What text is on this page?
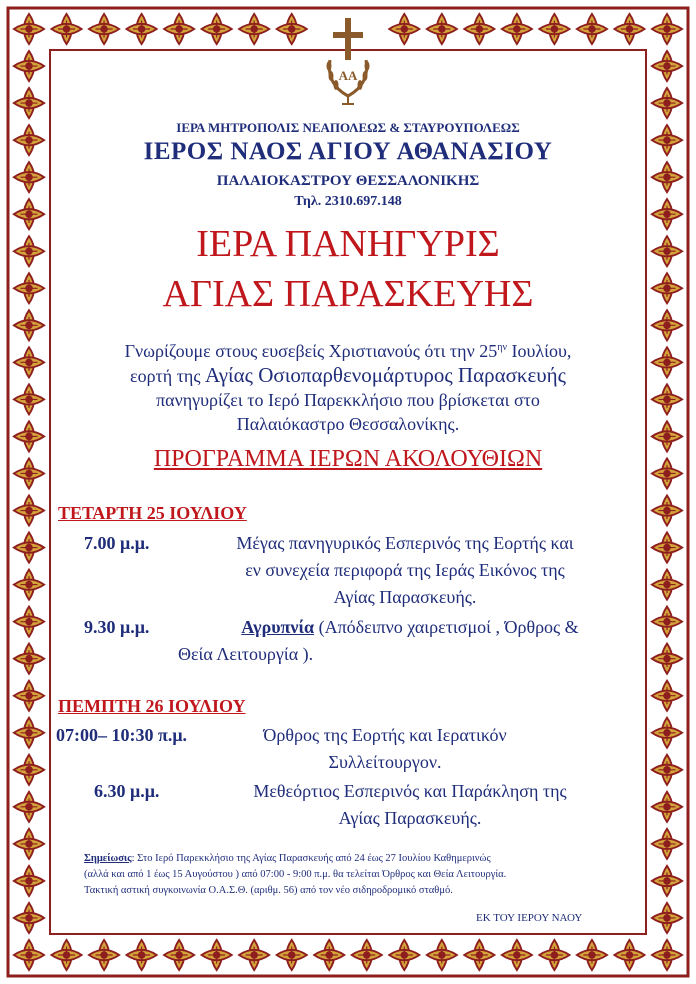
ΑΑ
ΙΕΡΑ ΜΗΤΡΟΠΟΛΙΣ ΝΕΑΠΟΛΕΩΣ & ΣΤΑΥΡΟΥΠΟΛΕΩΣ
ΙΕΡΟΣ ΝΑΟΣ ΑΓΙΟΥ ΑΘΑΝΑΣΙΟΥ
ΠΑΛΑΙΟΚΑΣΤΡΟΥ ΘΕΣΣΑΛΟΝΙΚΗΣ
Τηλ. 2310.697.148
ΙΕΡΑ ΠΑΝΗΓΥΡΙΣ
ΑΓΙΑΣ ΠΑΡΑΣΚΕΥΗΣ
Γνωρίζουμε στους ευσεβείς Χριστιανούς ότι την $25^{\eta\nu}$ Ιουλίου,
εορτή της Αγίας Οσιοπαρθενομάρτυρος Παρασκευής
πανηγυρίζει το Ιερό Παρεκκλήσιο που βρίσκεται στο
Παλαιόκαστρο Θεσσαλονίκης.
ΠΡΟΓΡΑΜΜΑ ΙΕΡΩΝ ΑΚΟΛΟΥΘΙΩΝ
ΤΕΤΑΡΤΗ 25 ΙΟΥΛΙΟΥ
7.00 μ.μ.	Μέγας πανηγυρικός Εσπερινός της Εορτής και
εν συνεχεία περιφορά της Ιεράς Εικόνος της
Αγίας Παρασκευής.
9.30 μ.μ.	Αγρυπνία (Απόδειπνο χαιρετισμοί , Όρθρος &
Θεία Λειτουργία ).
ΠΕΜΠΤΗ 26 ΙΟΥΛΙΟΥ
07:00– 10:30 π.μ.	Όρθρος της Εορτής και Ιερατικόν
Συλλείτουργον.
6.30 μ.μ.	Μεθεόρτιος Εσπερινός και Παράκληση της
Αγίας Παρασκευής.
Σημείωσις: Στο Ιερό Παρεκκλήσιο της Αγίας Παρασκευής από 24 έως 27 Ιουλίου Καθημερινώς
(αλλά και από 1 έως 15 Αυγούστου ) από 07:00 - 9:00 π.μ. θα τελείται Όρθρος και Θεία Λειτουργία.
Τακτική αστική συγκοινωνία Ο.Α.Σ.Θ. (αριθμ. 56) από τον νέο σιδηροδρομικό σταθμό.
ΕΚ ΤΟΥ ΙΕΡΟΥ ΝΑΟΥ
